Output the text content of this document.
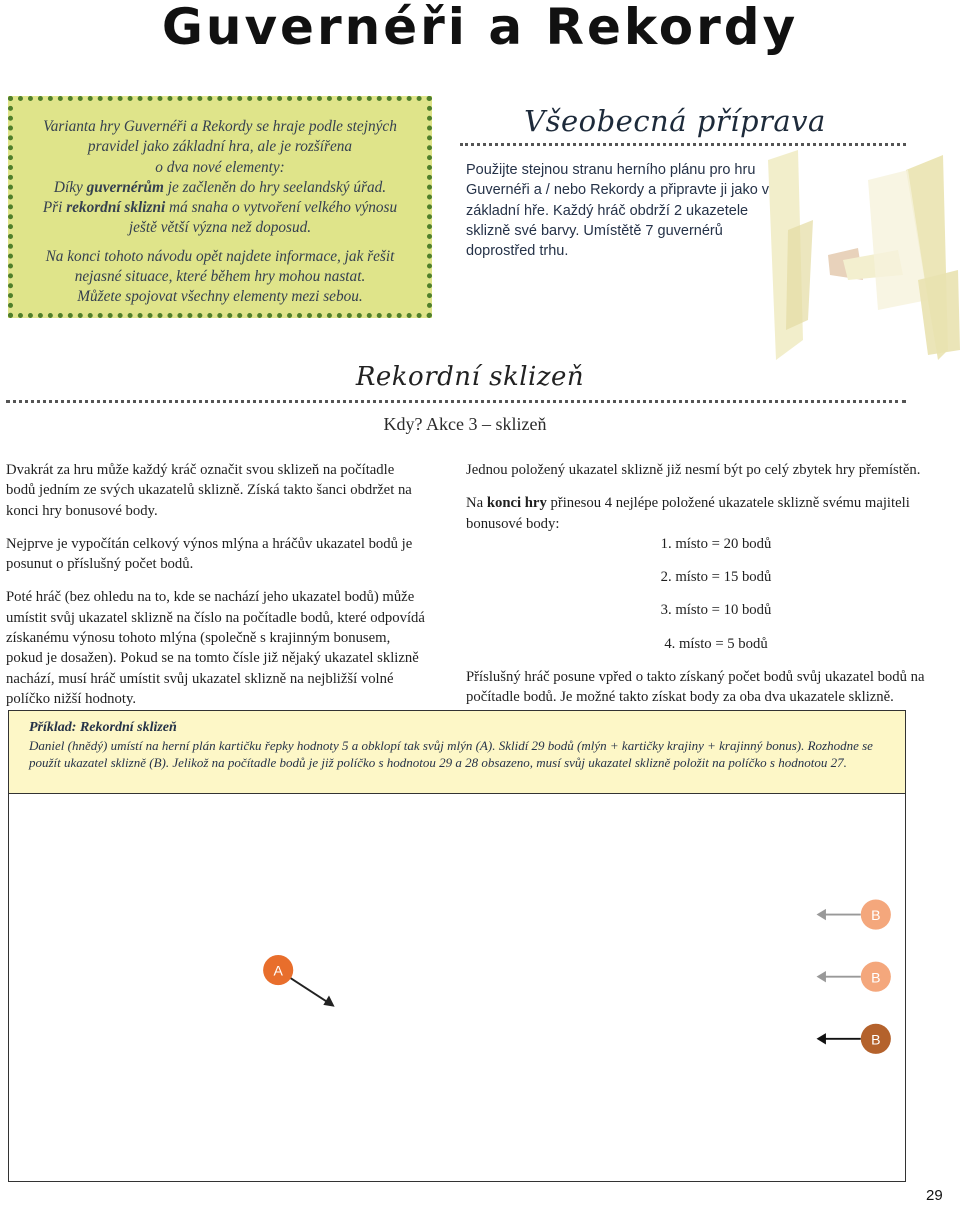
Guvernéři a Rekordy

Varianta hry Guvernéři a Rekordy se hraje podle stejných

pravidel jako základní hra, ale je rozšířena

o dva nové elementy:

Díky guvernérům je začleněn do hry seelandský úřad.

Při rekordní sklizni má snaha o vytvoření velkého výnosu

ještě větší význa než doposud.

Na konci tohoto návodu opět najdete informace, jak řešit

nejasné situace, které během hry mohou nastat.

Můžete spojovat všechny elementy mezi sebou.

Všeobecná příprava
Použijte stejnou stranu herního plánu pro hru Guvernéři a / nebo Rekordy a připravte ji jako v základní hře. Každý hráč obdrží 2 ukazetele sklizně své barvy. Umístětě 7 guvernérů doprostřed trhu.
Rekordní sklizeň
Kdy? Akce 3 – sklizeň

Dvakrát za hru může každý kráč označit svou sklizeň na počítadle bodů jedním ze svých ukazatelů sklizně. Získá takto šanci obdržet na konci hry bonusové body.

Nejprve je vypočítán celkový výnos mlýna a hráčův ukazatel bodů je posunut o příslušný počet bodů.

Poté hráč (bez ohledu na to, kde se nachází jeho ukazatel bodů) může umístit svůj ukazatel sklizně na číslo na počítadle bodů, které odpovídá získanému výnosu tohoto mlýna (společně s krajinným bonusem, pokud je dosažen). Pokud se na tomto čísle již nějaký ukazatel sklizně nachází, musí hráč umístit svůj ukazatel sklizně na nejbližší volné políčko nižší hodnoty.

Jednou položený ukazatel sklizně již nesmí být po celý zbytek hry přemístěn.

Na konci hry přinesou 4 nejlépe položené ukazatele sklizně svému majiteli bonusové body:

1. místo = 20 bodů

2. místo = 15 bodů

3. místo = 10 bodů

4. místo = 5 bodů

Příslušný hráč posune vpřed o takto získaný počet bodů svůj ukazatel bodů na počítadle bodů. Je možné takto získat body za oba dva ukazatele sklizně.

Příklad: Rekordní sklizeň
Daniel (hnědý) umístí na herní plán kartičku řepky hodnoty 5 a obklopí tak svůj mlýn (A). Sklidí 29 bodů (mlýn + kartičky krajiny + krajinný bonus). Rozhodne se použít ukazatel sklizně (B). Jelikož na počítadle bodů je již políčko s hodnotou 29 a 28 obsazeno, musí svůj ukazatel sklizně položit na políčko s hodnotou 27.
A
B
B
B
29
